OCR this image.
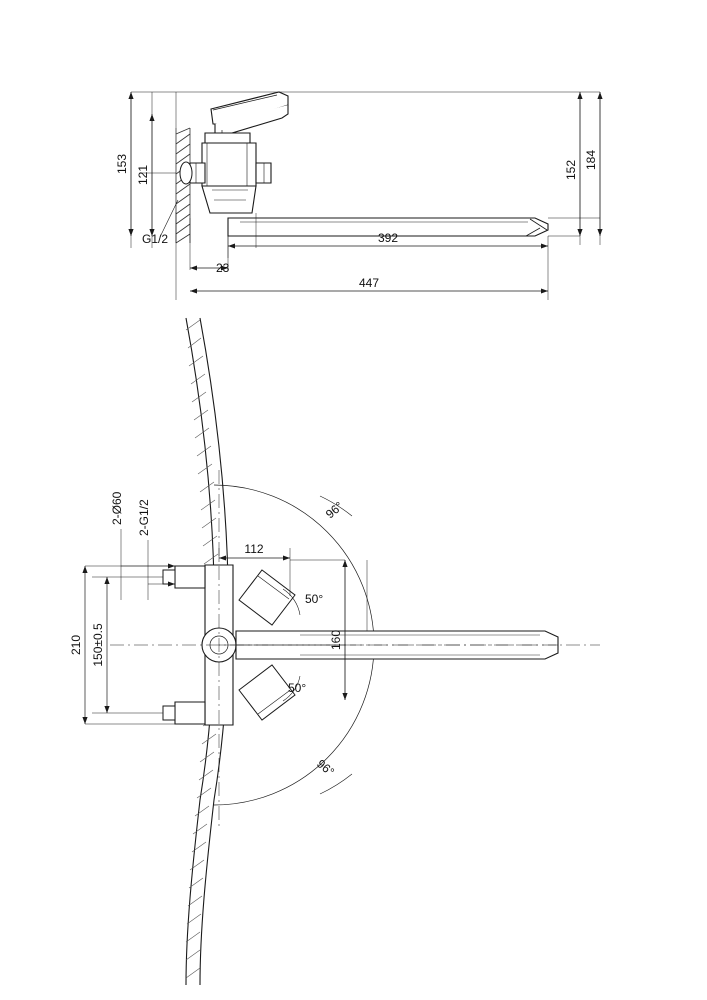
153
121	152 184
G1/2
23
392
447
2-Ø60 2-G1/2
210 150±0.5
112
160
50°
50°
96°
96°
